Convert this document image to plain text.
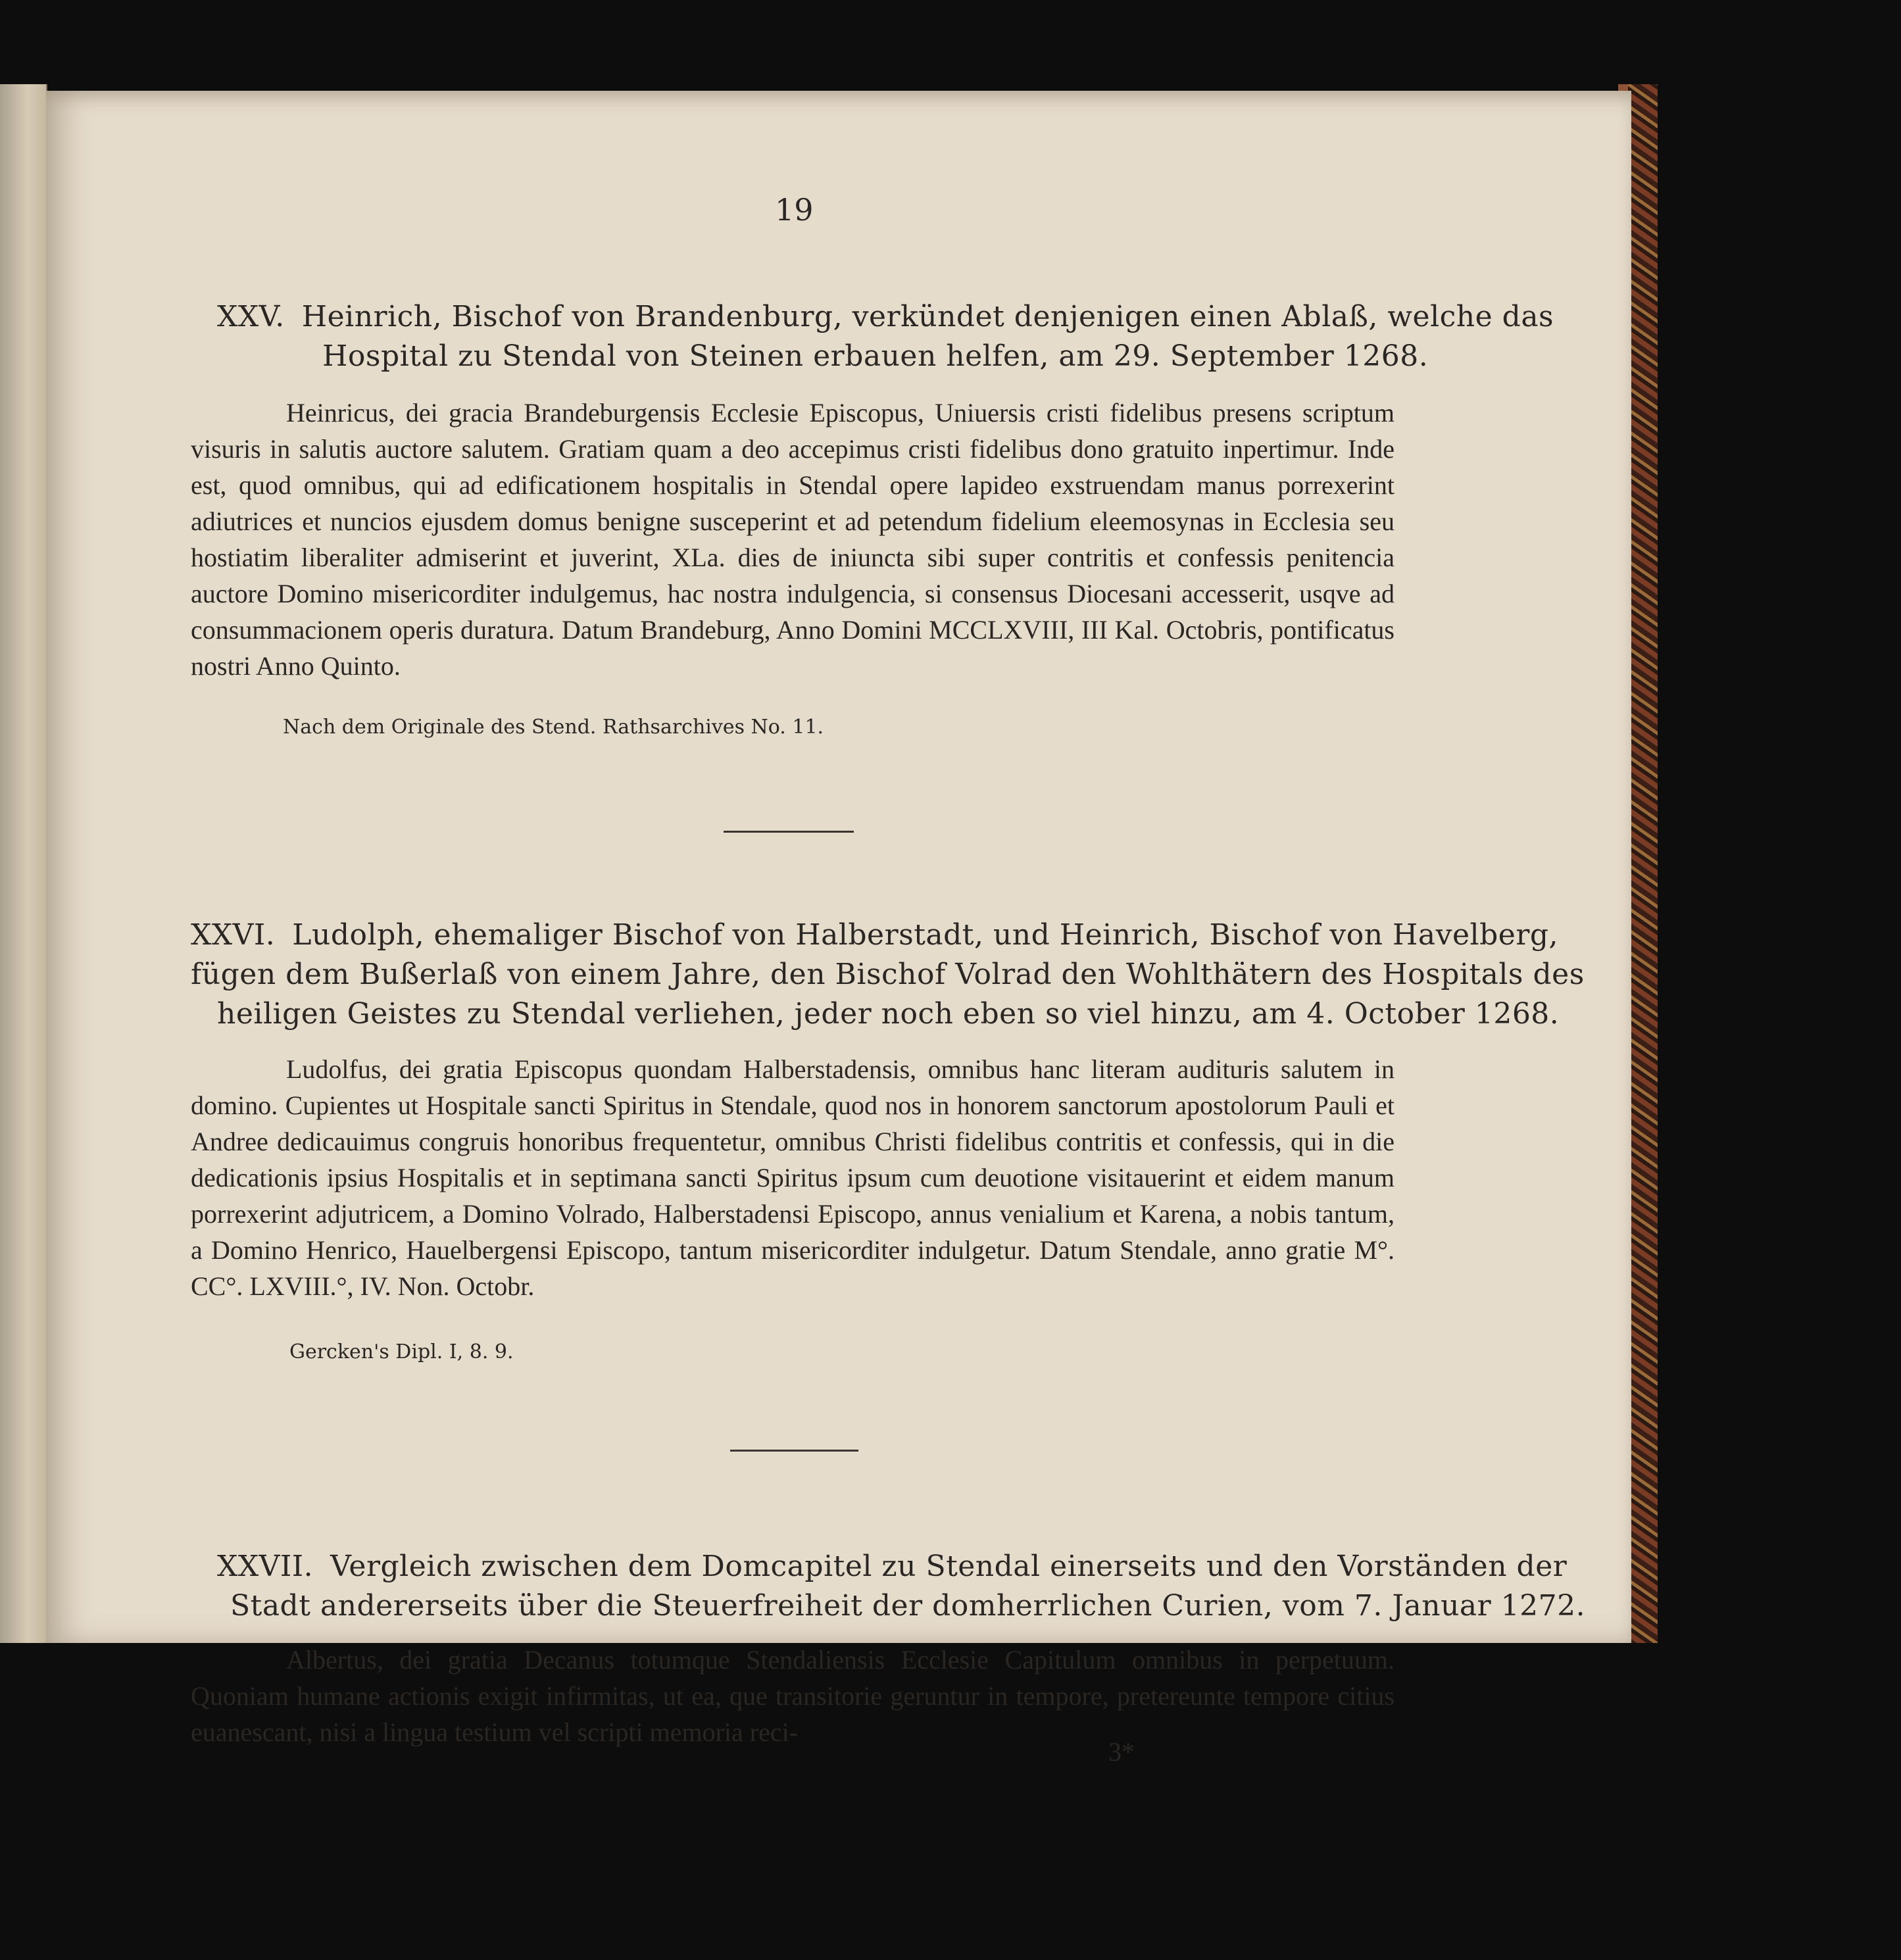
19
XXV. Heinrich, Bischof von Brandenburg, verkündet denjenigen einen Ablaß, welche das
Hospital zu Stendal von Steinen erbauen helfen, am 29. September 1268.

Heinricus, dei gracia Brandeburgensis Ecclesie Episcopus, Uniuersis cristi fidelibus presens scriptum visuris in salutis auctore salutem. Gratiam quam a deo accepimus cristi fidelibus dono gratuito inpertimur. Inde est, quod omnibus, qui ad edificationem hospitalis in Stendal opere lapideo exstruendam manus porrexerint adiutrices et nuncios ejusdem domus benigne susceperint et ad petendum fidelium eleemosynas in Ecclesia seu hostiatim liberaliter admiserint et juverint, XLa. dies de iniuncta sibi super contritis et confessis penitencia auctore Domino misericorditer indulgemus, hac nostra indulgencia, si consensus Diocesani accesserit, usqve ad consummacionem operis duratura. Datum Brandeburg, Anno Domini MCCLXVIII, III Kal. Octobris, pontificatus nostri Anno Quinto.

Nach dem Originale des Stend. Rathsarchives No. 11.
XXVI. Ludolph, ehemaliger Bischof von Halberstadt, und Heinrich, Bischof von Havelberg,
fügen dem Bußerlaß von einem Jahre, den Bischof Volrad den Wohlthätern des Hospitals des
heiligen Geistes zu Stendal verliehen, jeder noch eben so viel hinzu, am 4. October 1268.

Ludolfus, dei gratia Episcopus quondam Halberstadensis, omnibus hanc literam audituris salutem in domino. Cupientes ut Hospitale sancti Spiritus in Stendale, quod nos in honorem sanctorum apostolorum Pauli et Andree dedicauimus congruis honoribus frequentetur, omnibus Christi fidelibus contritis et confessis, qui in die dedicationis ipsius Hospitalis et in septimana sancti Spiritus ipsum cum deuotione visitauerint et eidem manum porrexerint adjutricem, a Domino Volrado, Halberstadensi Episcopo, annus venialium et Karena, a nobis tantum, a Domino Henrico, Hauelbergensi Episcopo, tantum misericorditer indulgetur. Datum Stendale, anno gratie M°. CC°. LXVIII.°, IV. Non. Octobr.

Gercken's Dipl. I, 8. 9.
XXVII. Vergleich zwischen dem Domcapitel zu Stendal einerseits und den Vorständen der
Stadt andererseits über die Steuerfreiheit der domherrlichen Curien, vom 7. Januar 1272.

Albertus, dei gratia Decanus totumque Stendaliensis Ecclesie Capitulum omnibus in perpetuum. Quoniam humane actionis exigit infirmitas, ut ea, que transitorie geruntur in tempore, pretereunte tempore citius euanescant, nisi a lingua testium vel scripti memoria reci-

3*
